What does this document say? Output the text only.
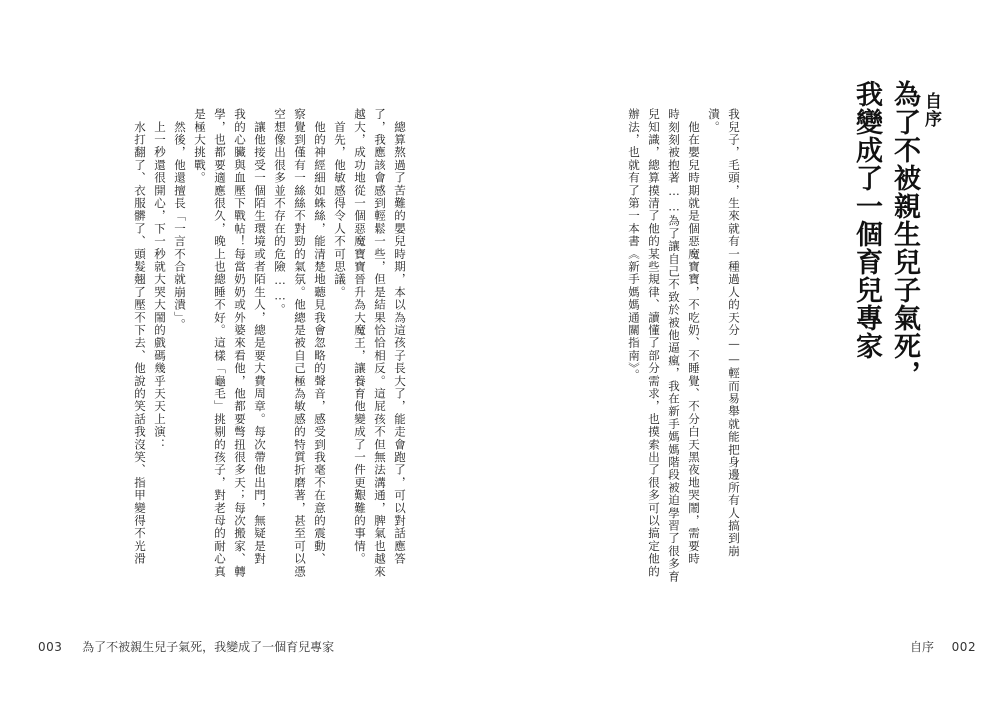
　總算熬過了苦難的嬰兒時期，本以為這孩子長大了，能走會跑了，可以對話應答
了，我應該會感到輕鬆一些，但是結果恰恰相反。這屁孩不但無法溝通，脾氣也越來
越大，成功地從一個惡魔寶寶晉升為大魔王，讓養育他變成了一件更艱難的事情。
　首先，他敏感得令人不可思議。
　他的神經細如蛛絲，能清楚地聽見我會忽略的聲音，感受到我毫不在意的震動、
察覺到僅有一絲絲不對勁的氣氛。他總是被自己極為敏感的特質折磨著，甚至可以憑
空想像出很多並不存在的危險……。
　讓他接受一個陌生環境或者陌生人，總是要大費周章。每次帶他出門，無疑是對
我的心臟與血壓下戰帖！每當奶奶或外婆來看他，他都要彆扭很多天；每次搬家、轉
學，也都要適應很久，晚上也總睡不好。這樣「龜毛」挑剔的孩子，對老母的耐心真
是極大挑戰。
　然後，他還擅長「一言不合就崩潰」。
　上一秒還很開心，下一秒就大哭大鬧的戲碼幾乎天天上演：
　水打翻了、衣服髒了、頭髮翹了壓不下去、他說的笑話我沒笑、指甲變得不光滑
003 為了不被親生兒子氣死，我變成了一個育兒專家
自序
為了不被親生兒子氣死，
我變成了一個育兒專家
我兒子，毛頭，生來就有一種過人的天分——輕而易舉就能把身邊所有人搞到崩
潰。
　他在嬰兒時期就是個惡魔寶寶，不吃奶、不睡覺、不分白天黑夜地哭鬧，需要時
時刻刻被抱著……為了讓自己不致於被他逼瘋，我在新手媽媽階段被迫學習了很多育
兒知識，總算摸清了他的某些規律、讀懂了部分需求，也摸索出了很多可以搞定他的
辦法，也就有了第一本書《新手媽媽通關指南》。
自序 002
